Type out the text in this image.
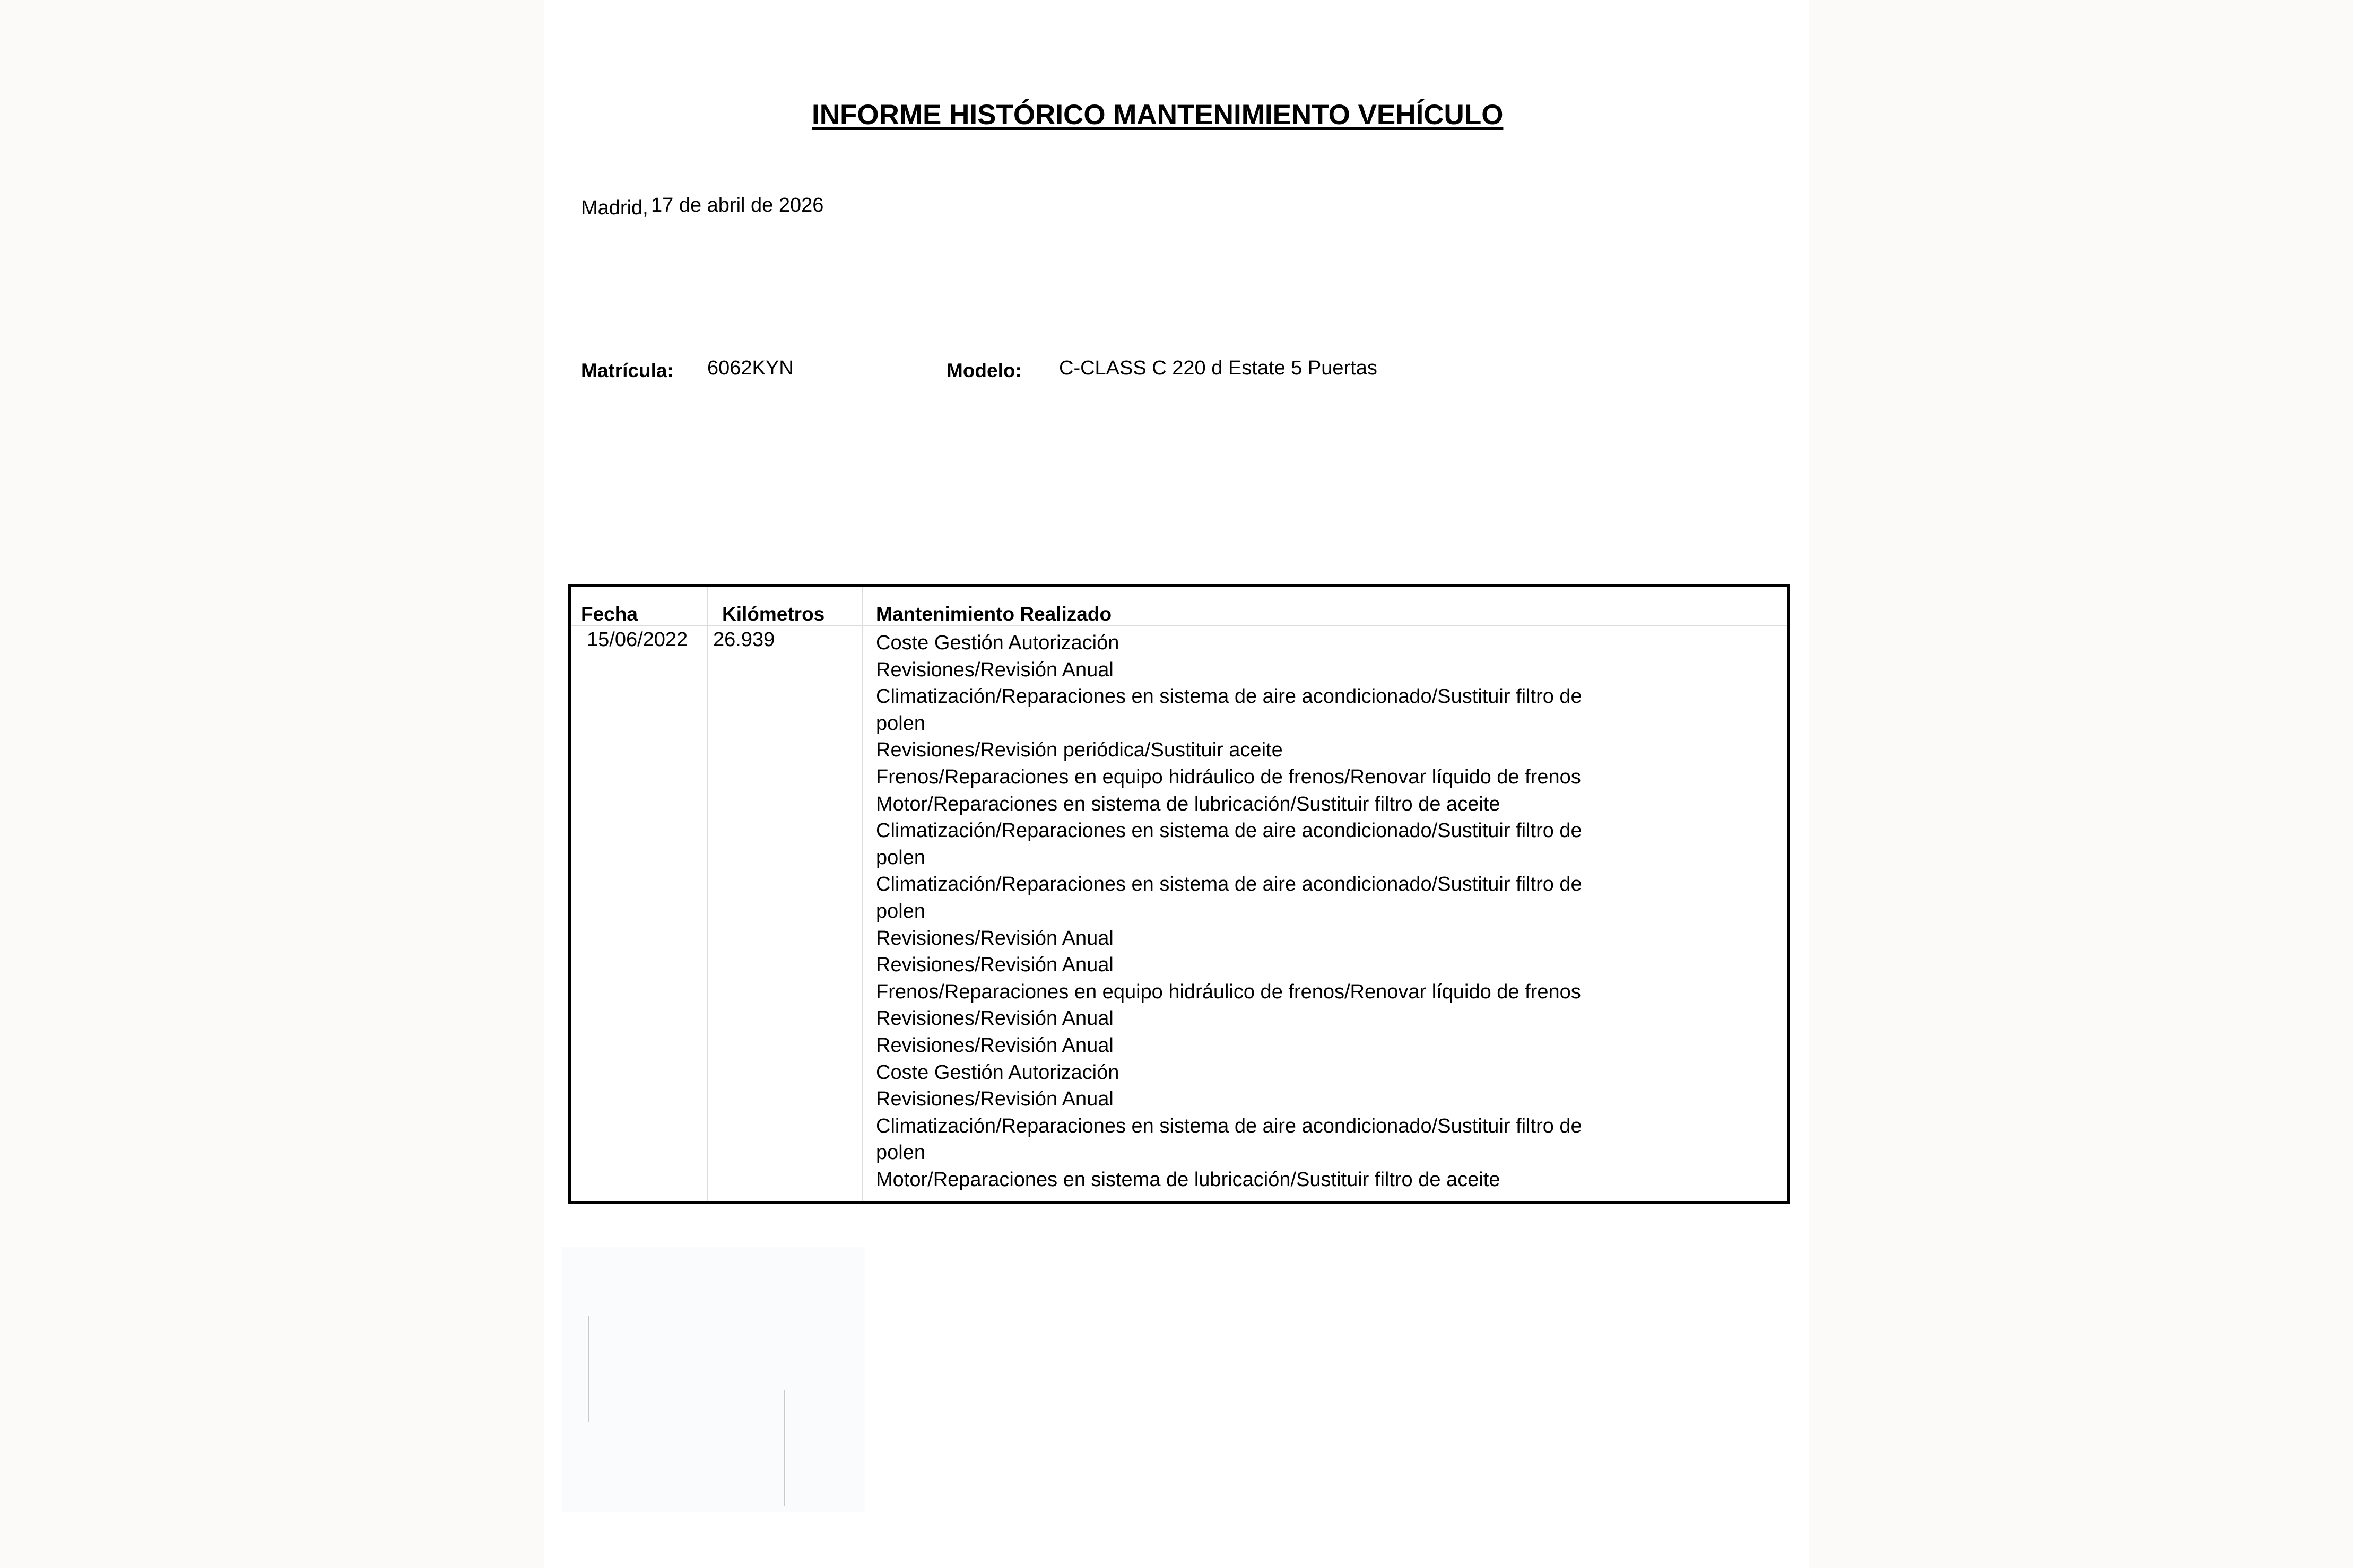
INFORME HISTÓRICO MANTENIMIENTO VEHÍCULO
Madrid, 17 de abril de 2026
Matrícula: 6062KYN	Modelo: C-CLASS C 220 d Estate 5 Puertas
Fecha	Kilómetros	Mantenimiento Realizado
15/06/2022 26.939	Coste Gestión Autorización
Revisiones/Revisión Anual
Climatización/Reparaciones en sistema de aire acondicionado/Sustituir filtro de
polen
Revisiones/Revisión periódica/Sustituir aceite
Frenos/Reparaciones en equipo hidráulico de frenos/Renovar líquido de frenos
Motor/Reparaciones en sistema de lubricación/Sustituir filtro de aceite
Climatización/Reparaciones en sistema de aire acondicionado/Sustituir filtro de
polen
Climatización/Reparaciones en sistema de aire acondicionado/Sustituir filtro de
polen
Revisiones/Revisión Anual
Revisiones/Revisión Anual
Frenos/Reparaciones en equipo hidráulico de frenos/Renovar líquido de frenos
Revisiones/Revisión Anual
Revisiones/Revisión Anual
Coste Gestión Autorización
Revisiones/Revisión Anual
Climatización/Reparaciones en sistema de aire acondicionado/Sustituir filtro de
polen
Motor/Reparaciones en sistema de lubricación/Sustituir filtro de aceite
